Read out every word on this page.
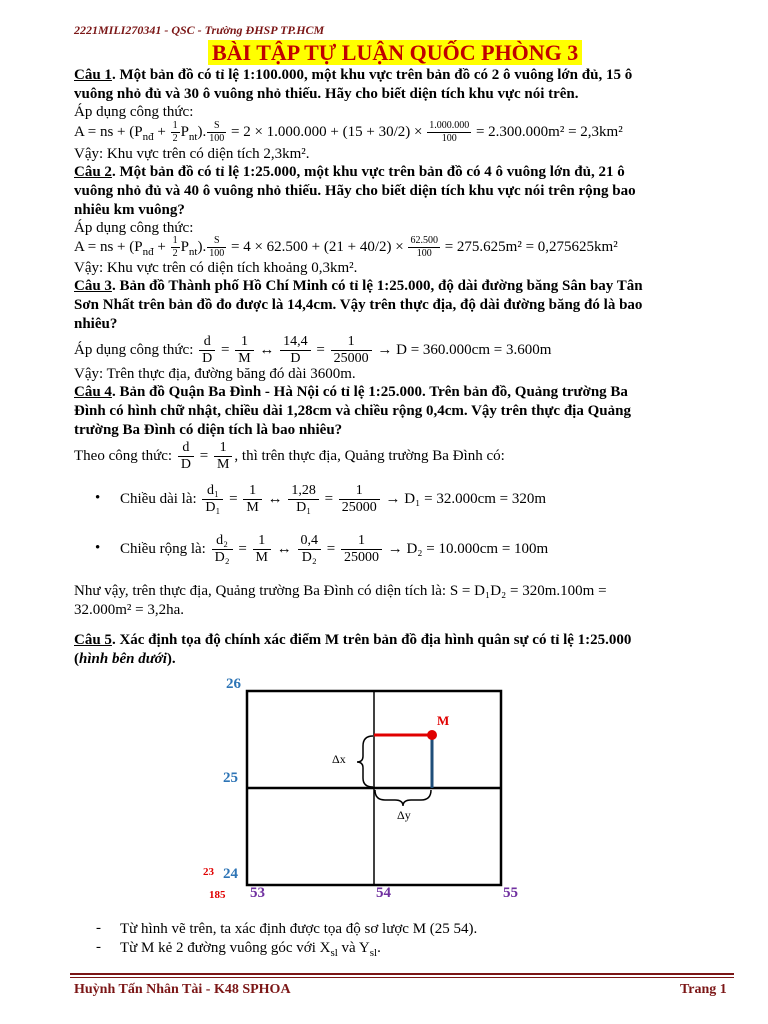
2221MILI270341 - QSC - Trường ĐHSP TP.HCM
BÀI TẬP TỰ LUẬN QUỐC PHÒNG 3
Câu 1. Một bản đồ có tỉ lệ 1:100.000, một khu vực trên bản đồ có 2 ô vuông lớn đủ, 15 ô
vuông nhỏ đủ và 30 ô vuông nhỏ thiếu. Hãy cho biết diện tích khu vực nói trên.
Áp dụng công thức:
A = ns + $(P_{nđ} + \frac{1}{2} P_{nt})$. $\frac{S}{100} = 2 \times 1.000.000 + (15 + 30/2) \times \frac{1.000.000}{100} = 2.300.000m^2 = 2,3km^2$
Vậy: Khu vực trên có diện tích 2,3km².
Câu 2. Một bản đồ có tỉ lệ 1:25.000, một khu vực trên bản đồ có 4 ô vuông lớn đủ, 21 ô
vuông nhỏ đủ và 40 ô vuông nhỏ thiếu. Hãy cho biết diện tích khu vực nói trên rộng bao
nhiêu km vuông?
Áp dụng công thức:
A = ns + $(P_{nđ} + \frac{1}{2} P_{nt})$. $\frac{S}{100} = 4 \times 62.500 + (21 + 40/2) \times \frac{62.500}{100} = 275.625m^2 = 0,275625km^2$
Vậy: Khu vực trên có diện tích khoảng 0,3km².
Câu 3. Bản đồ Thành phố Hồ Chí Minh có tỉ lệ 1:25.000, độ dài đường băng Sân bay Tân
Sơn Nhất trên bản đồ đo được là 14,4cm. Vậy trên thực địa, độ dài đường băng đó là bao
nhiêu?
Áp dụng công thức: $\frac{d}{D} = \frac{1}{M}$ ↔ $\frac{14,4}{D} = \frac{1}{25000} \to D = 360.000cm = 3.600m$
Vậy: Trên thực địa, đường băng đó dài 3600m.
Câu 4. Bản đồ Quận Ba Đình - Hà Nội có tỉ lệ 1:25.000. Trên bản đồ, Quảng trường Ba
Đình có hình chữ nhật, chiều dài 1,28cm và chiều rộng 0,4cm. Vậy trên thực địa Quảng
trường Ba Đình có diện tích là bao nhiêu?
Theo công thức: $\frac{d}{D} = \frac{1}{M}$ , thì trên thực địa, Quảng trường Ba Đình có:
• Chiều dài là: $\frac{\text{d₁}}{\text{D₁}} = \frac{1}{M}$ ↔ $\frac{1,28}{\text{D₁}} = \frac{1}{25000} \to D_1 = 32.000cm = 320m$
• Chiều rộng là: $\frac{\text{d₂}}{\text{D₂}} = \frac{1}{M}$ ↔ $\frac{0,4}{\text{D₂}} = \frac{1}{25000} \to D_2 = 10.000cm = 100m$
Như vậy, trên thực địa, Quảng trường Ba Đình có diện tích là: S = D₁D₂ = 320m.100m =
32.000m² = 3,2ha.
Câu 5. Xác định tọa độ chính xác điểm M trên bản đồ địa hình quân sự có tỉ lệ 1:25.000
(hình bên dưới).
26
25
24
23
185 53	54	55
M
Δx
Δy
- Từ hình vẽ trên, ta xác định được tọa độ sơ lược M (25 54).
- Từ M kẻ 2 đường vuông góc với $X_{sl}$ và $Y_{sl}$.
Huỳnh Tấn Nhân Tài - K48 SPHOA	Trang 1
